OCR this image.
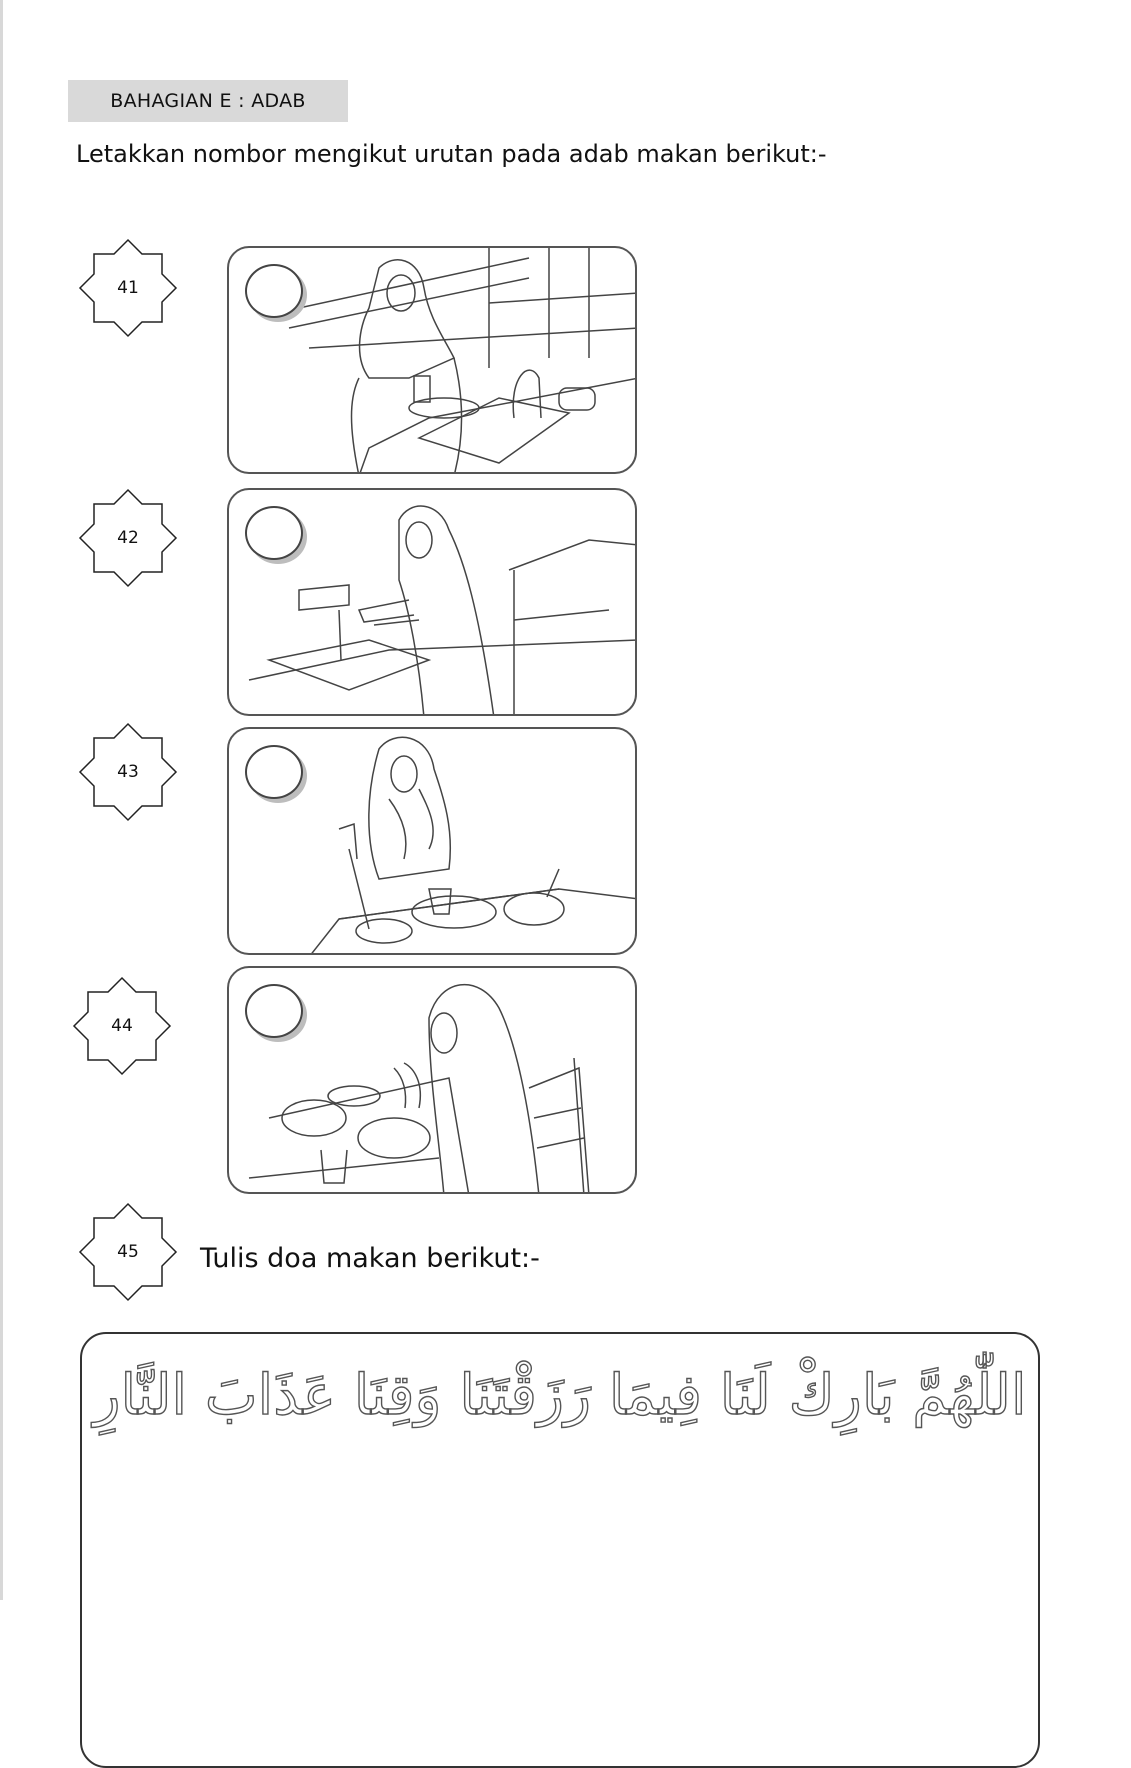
BAHAGIAN E : ADAB
Letakkan nombor mengikut urutan pada adab makan berikut:-
41
42
43
44
45	Tulis doa makan berikut:-
اللّٰهُمَّ بَارِكْ لَنَا فِيمَا رَزَقْتَنَا وَقِنَا عَذَابَ النَّارِ
